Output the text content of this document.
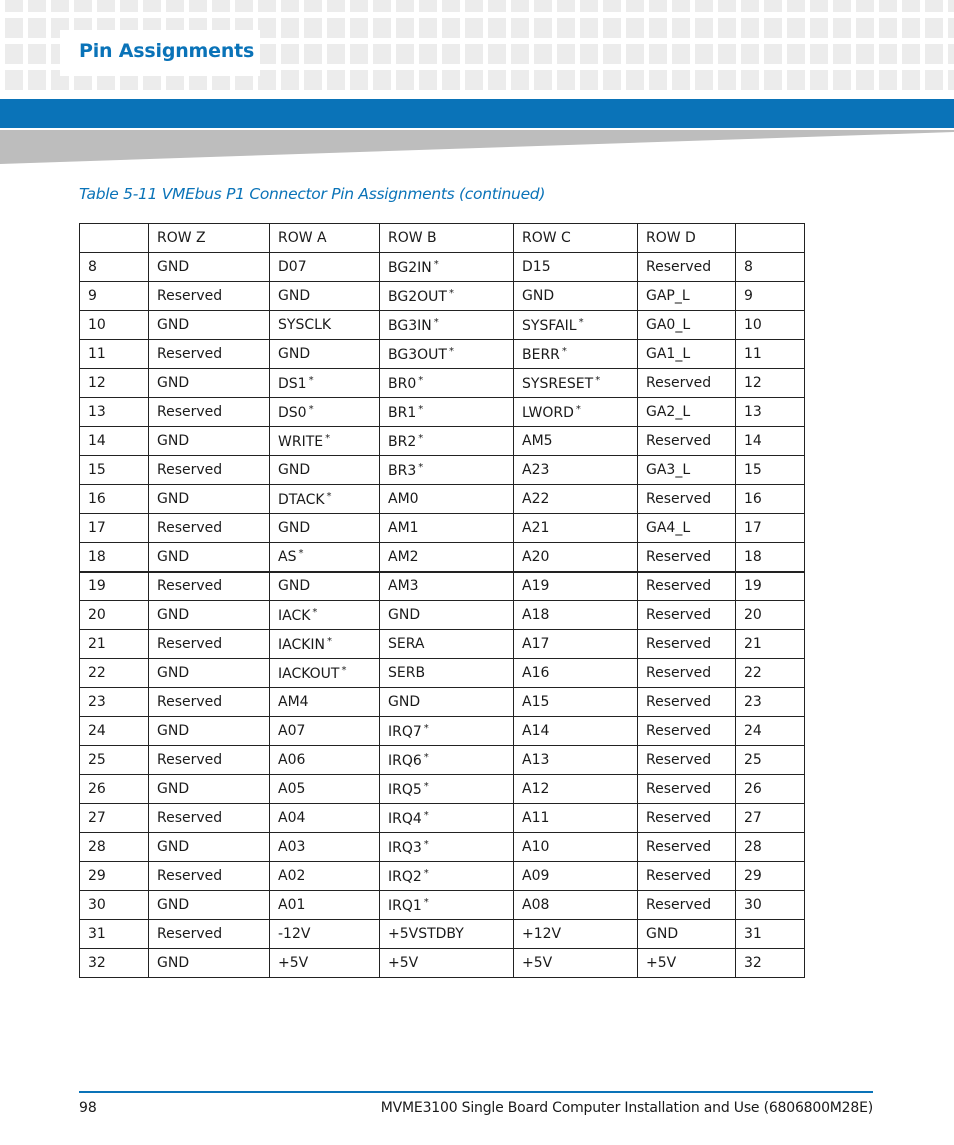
Pin Assignments
Table 5-11 VMEbus P1 Connector Pin Assignments (continued)
	ROW Z	ROW A	ROW B	ROW C	ROW D	
8	GND	D07	BG2IN *	D15	Reserved	8
9	Reserved	GND	BG2OUT *	GND	GAP_L	9
10	GND	SYSCLK	BG3IN *	SYSFAIL *	GA0_L	10
11	Reserved	GND	BG3OUT *	BERR *	GA1_L	11
12	GND	DS1 *	BR0 *	SYSRESET *	Reserved	12
13	Reserved	DS0 *	BR1 *	LWORD *	GA2_L	13
14	GND	WRITE *	BR2 *	AM5	Reserved	14
15	Reserved	GND	BR3 *	A23	GA3_L	15
16	GND	DTACK *	AM0	A22	Reserved	16
17	Reserved	GND	AM1	A21	GA4_L	17
18	GND	AS *	AM2	A20	Reserved	18
19	Reserved	GND	AM3	A19	Reserved	19
20	GND	IACK *	GND	A18	Reserved	20
21	Reserved	IACKIN *	SERA	A17	Reserved	21
22	GND	IACKOUT *	SERB	A16	Reserved	22
23	Reserved	AM4	GND	A15	Reserved	23
24	GND	A07	IRQ7 *	A14	Reserved	24
25	Reserved	A06	IRQ6 *	A13	Reserved	25
26	GND	A05	IRQ5 *	A12	Reserved	26
27	Reserved	A04	IRQ4 *	A11	Reserved	27
28	GND	A03	IRQ3 *	A10	Reserved	28
29	Reserved	A02	IRQ2 *	A09	Reserved	29
30	GND	A01	IRQ1 *	A08	Reserved	30
31	Reserved	-12V	+5VSTDBY	+12V	GND	31
32	GND	+5V	+5V	+5V	+5V	32
98	MVME3100 Single Board Computer Installation and Use (6806800M28E)
